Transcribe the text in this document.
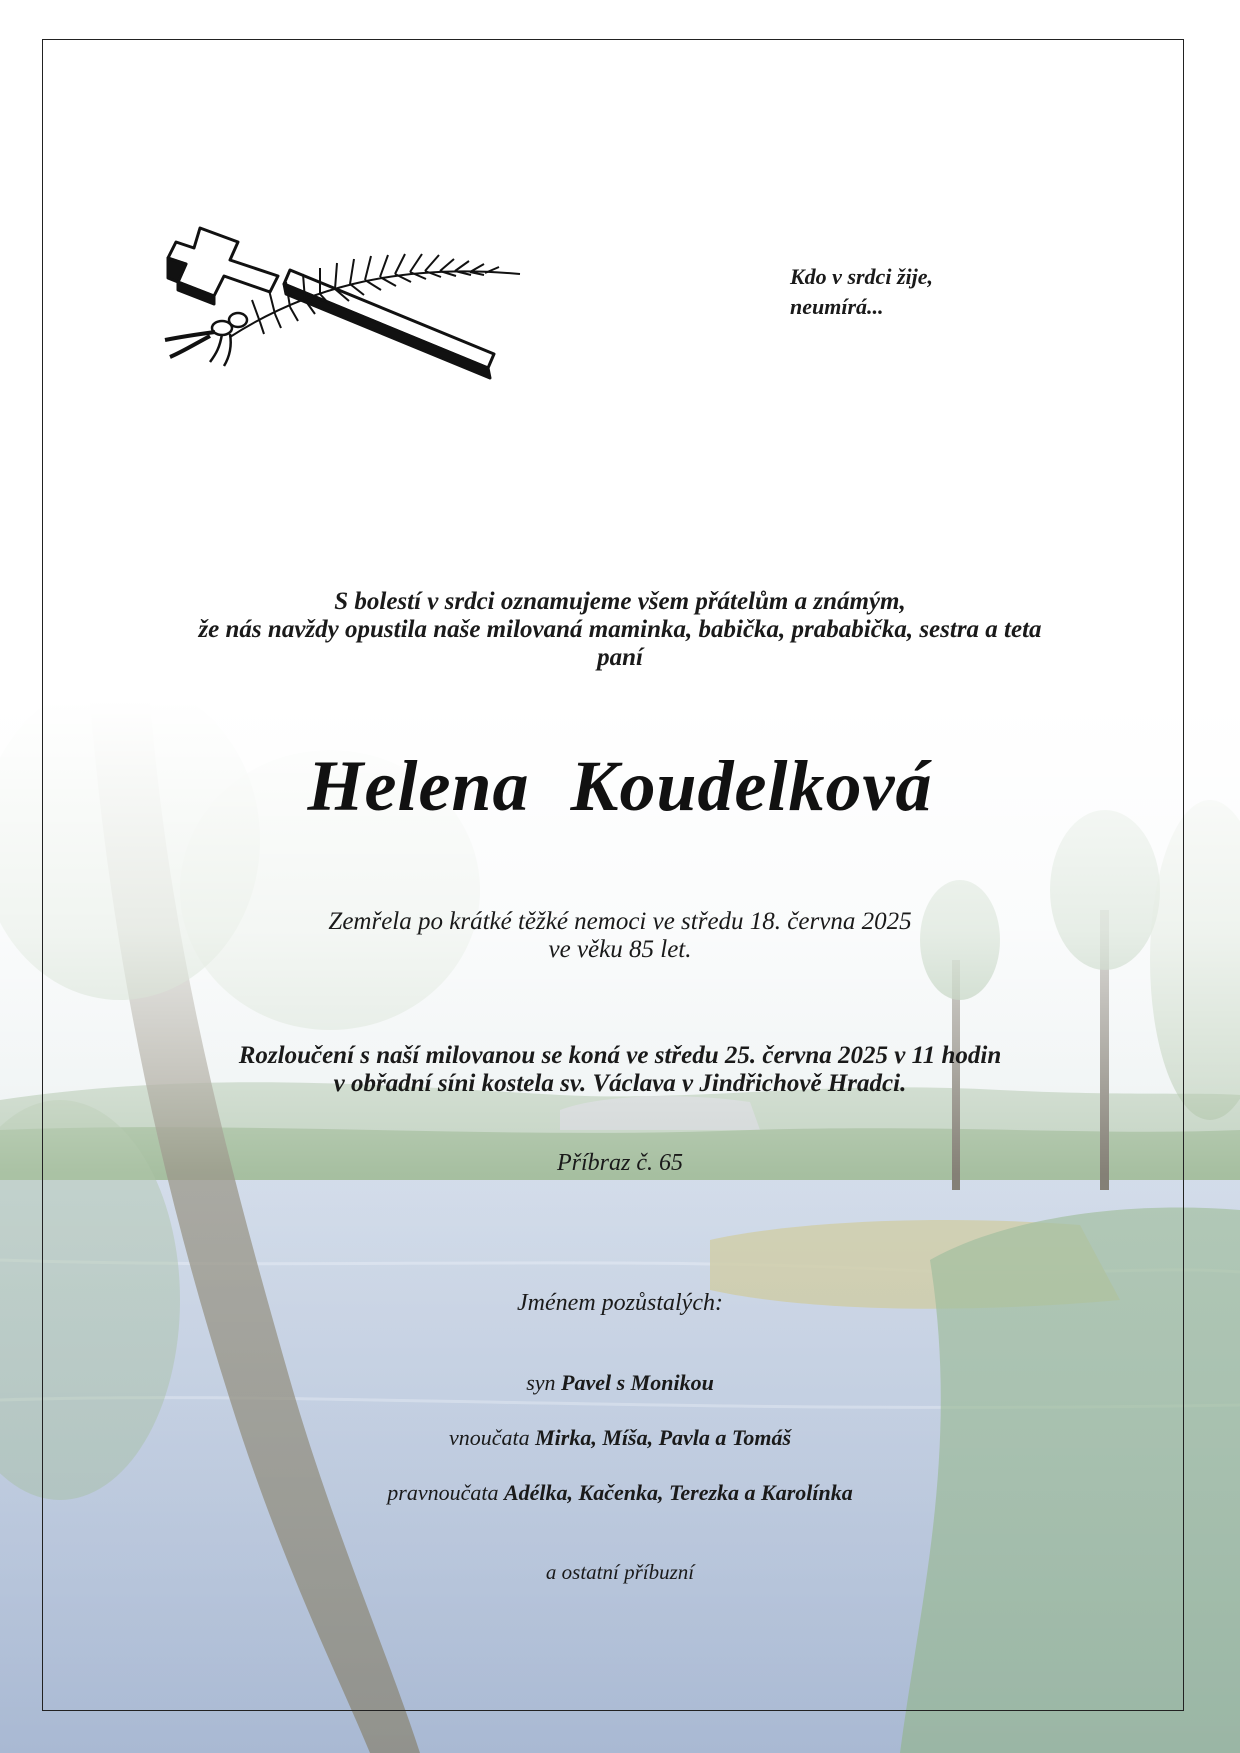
Kdo v srdci žije,
neumírá...
S bolestí v srdci oznamujeme všem přátelům a známým,
že nás navždy opustila naše milovaná maminka, babička, prababička, sestra a teta
paní
Helena Koudelková
Zemřela po krátké těžké nemoci ve středu 18. června 2025
ve věku 85 let.
Rozloučení s naší milovanou se koná ve středu 25. června 2025 v 11 hodin
v obřadní síni kostela sv. Václava v Jindřichově Hradci.
Příbraz č. 65
Jménem pozůstalých:
syn Pavel s Monikou
vnoučata Mirka, Míša, Pavla a Tomáš
pravnoučata Adélka, Kačenka, Terezka a Karolínka
a ostatní příbuzní
